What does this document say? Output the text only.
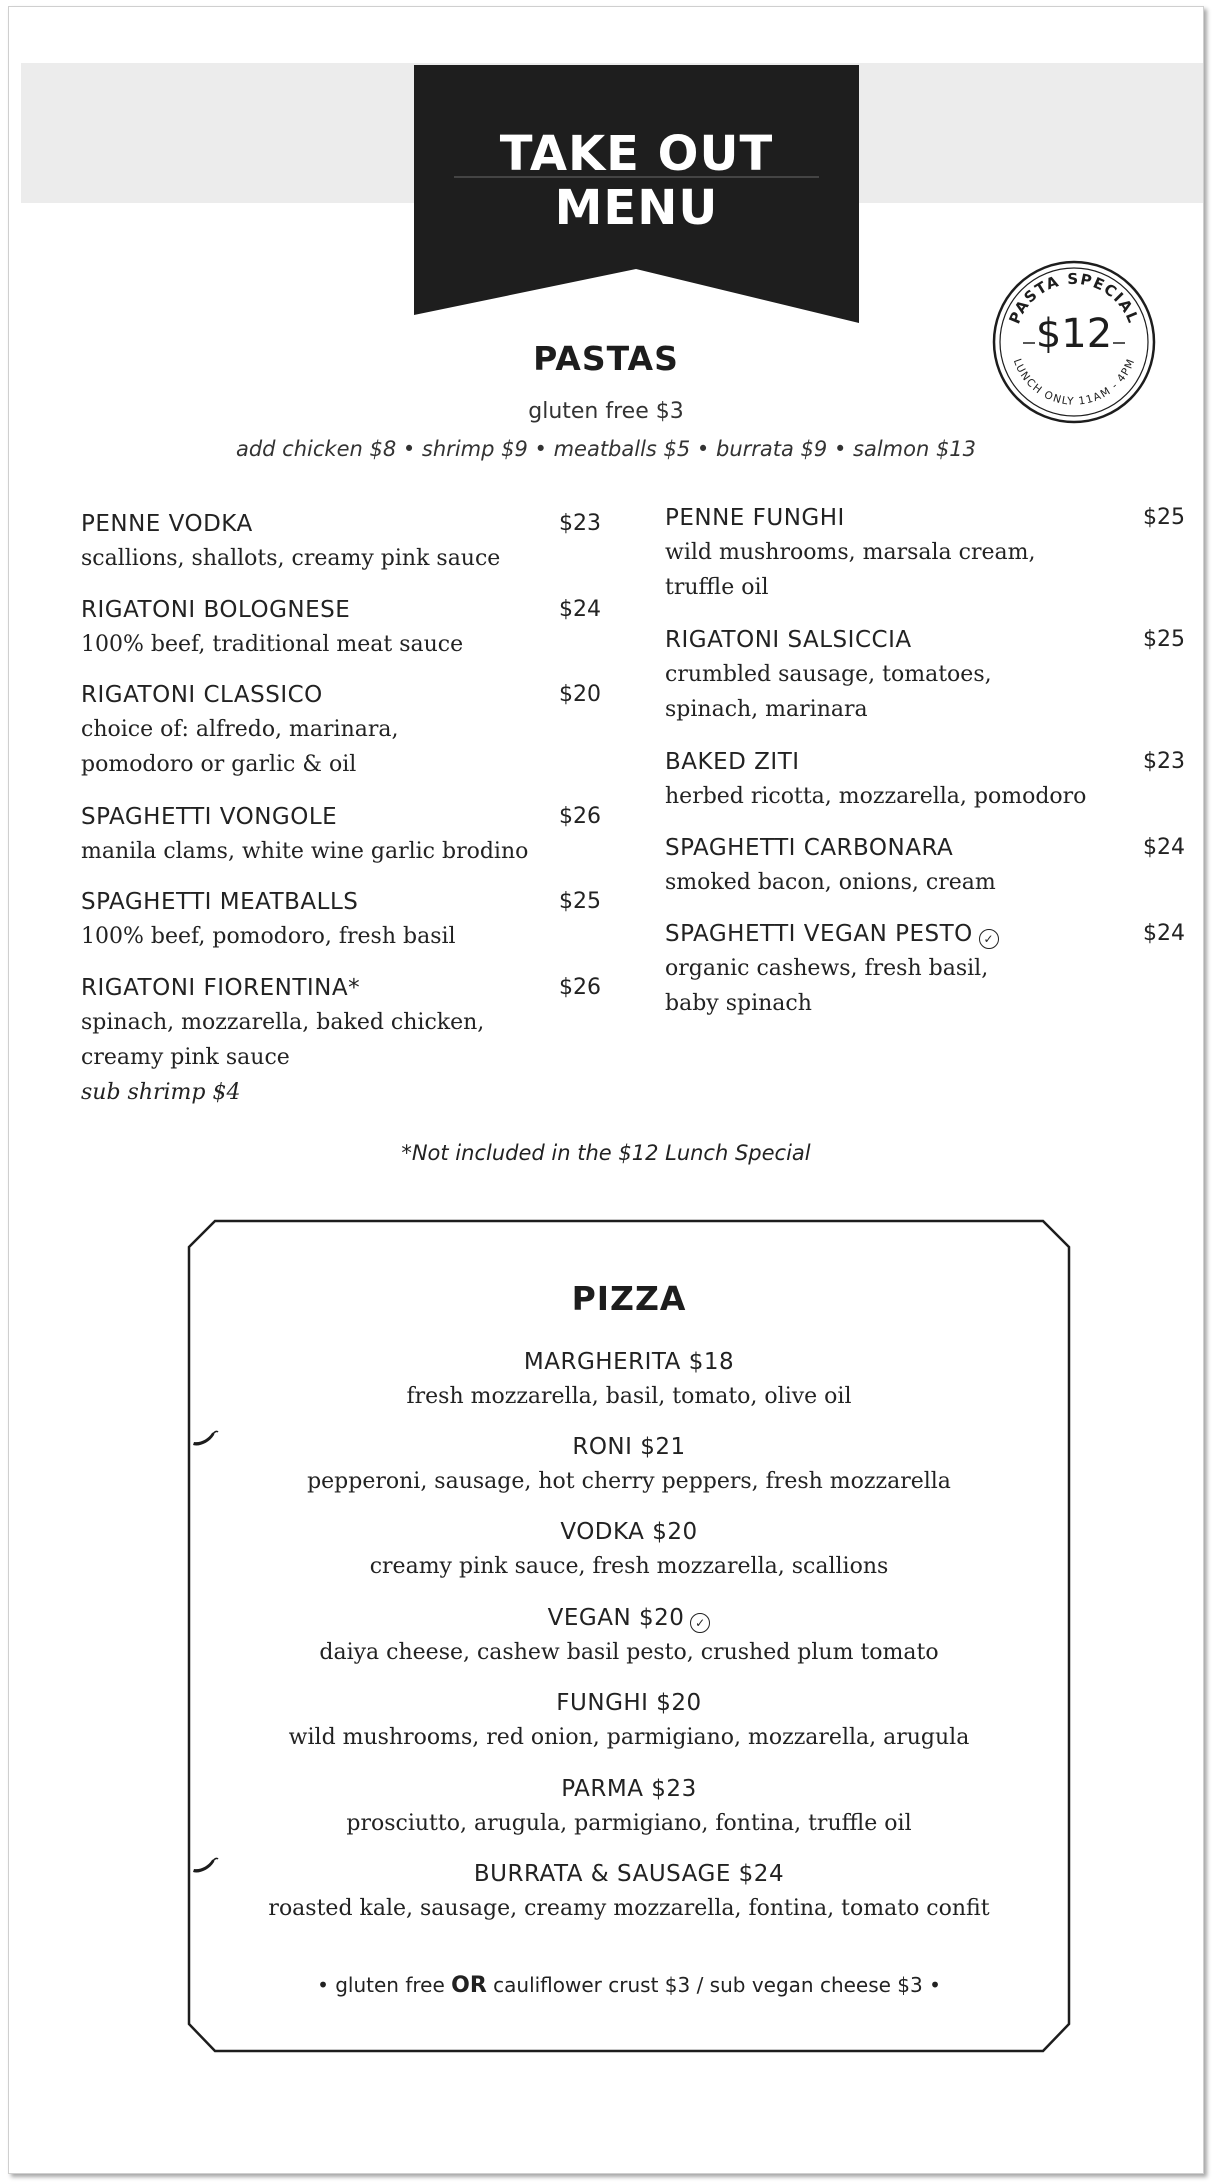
TAKE OUT
MENU
PASTA SPECIAL
LUNCH ONLY 11AM - 4PM
$12
PASTAS
gluten free $3
add chicken $8 • shrimp $9 • meatballs $5 • burrata $9 • salmon $13
PENNE VODKA	$23
scallions, shallots, creamy pink sauce
RIGATONI BOLOGNESE	$24
100% beef, traditional meat sauce
RIGATONI CLASSICO	$20
choice of: alfredo, marinara,
pomodoro or garlic & oil
SPAGHETTI VONGOLE	$26
manila clams, white wine garlic brodino
SPAGHETTI MEATBALLS	$25
100% beef, pomodoro, fresh basil
RIGATONI FIORENTINA*	$26
spinach, mozzarella, baked chicken,
creamy pink sauce
sub shrimp $4
PENNE FUNGHI	$25
wild mushrooms, marsala cream,
truffle oil
RIGATONI SALSICCIA	$25
crumbled sausage, tomatoes,
spinach, marinara
BAKED ZITI	$23
herbed ricotta, mozzarella, pomodoro
SPAGHETTI CARBONARA	$24
smoked bacon, onions, cream
SPAGHETTI VEGAN PESTO ✓	$24
organic cashews, fresh basil,
baby spinach
*Not included in the $12 Lunch Special
PIZZA
MARGHERITA $18
fresh mozzarella, basil, tomato, olive oil
RONI $21
pepperoni, sausage, hot cherry peppers, fresh mozzarella
VODKA $20
creamy pink sauce, fresh mozzarella, scallions
VEGAN $20 ✓
daiya cheese, cashew basil pesto, crushed plum tomato
FUNGHI $20
wild mushrooms, red onion, parmigiano, mozzarella, arugula
PARMA $23
prosciutto, arugula, parmigiano, fontina, truffle oil
BURRATA & SAUSAGE $24
roasted kale, sausage, creamy mozzarella, fontina, tomato confit
• gluten free OR cauliflower crust $3 / sub vegan cheese $3 •
